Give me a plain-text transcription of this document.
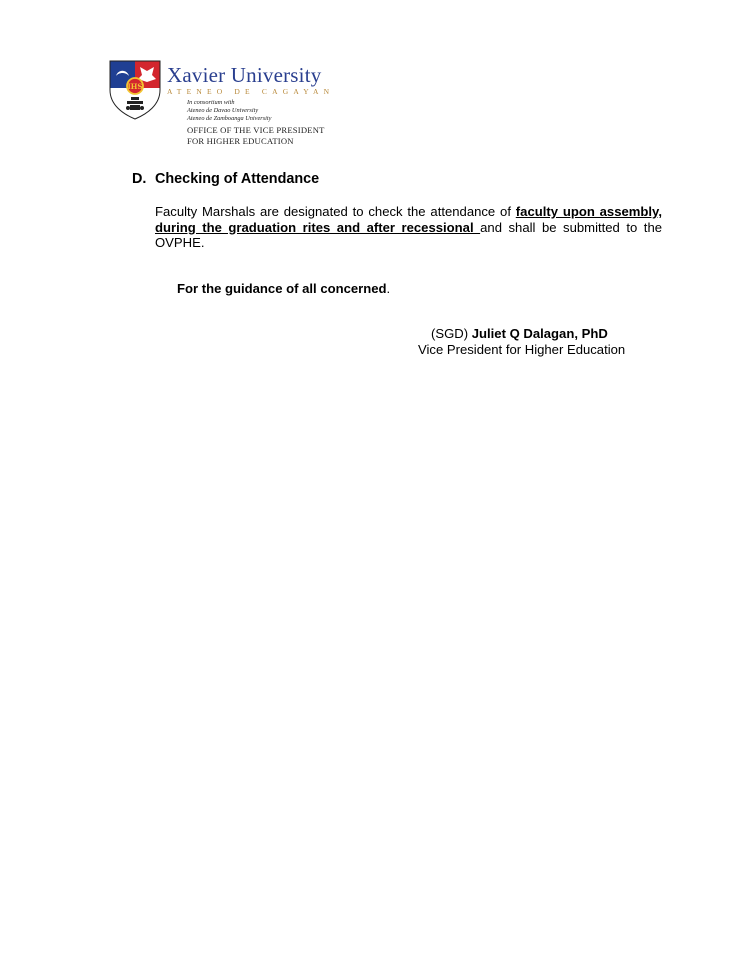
IHS Xavier University
ATENEO DE CAGAYAN
In consortium with
Ateneo de Davao University
Ateneo de Zamboanga University
OFFICE OF THE VICE PRESIDENT
FOR HIGHER EDUCATION
D. Checking of Attendance
Faculty Marshals are designated to check the attendance of faculty upon assembly, during the graduation rites and after recessional and shall be submitted to the OVPHE.
For the guidance of all concerned.
(SGD) Juliet Q Dalagan, PhD
Vice President for Higher Education
